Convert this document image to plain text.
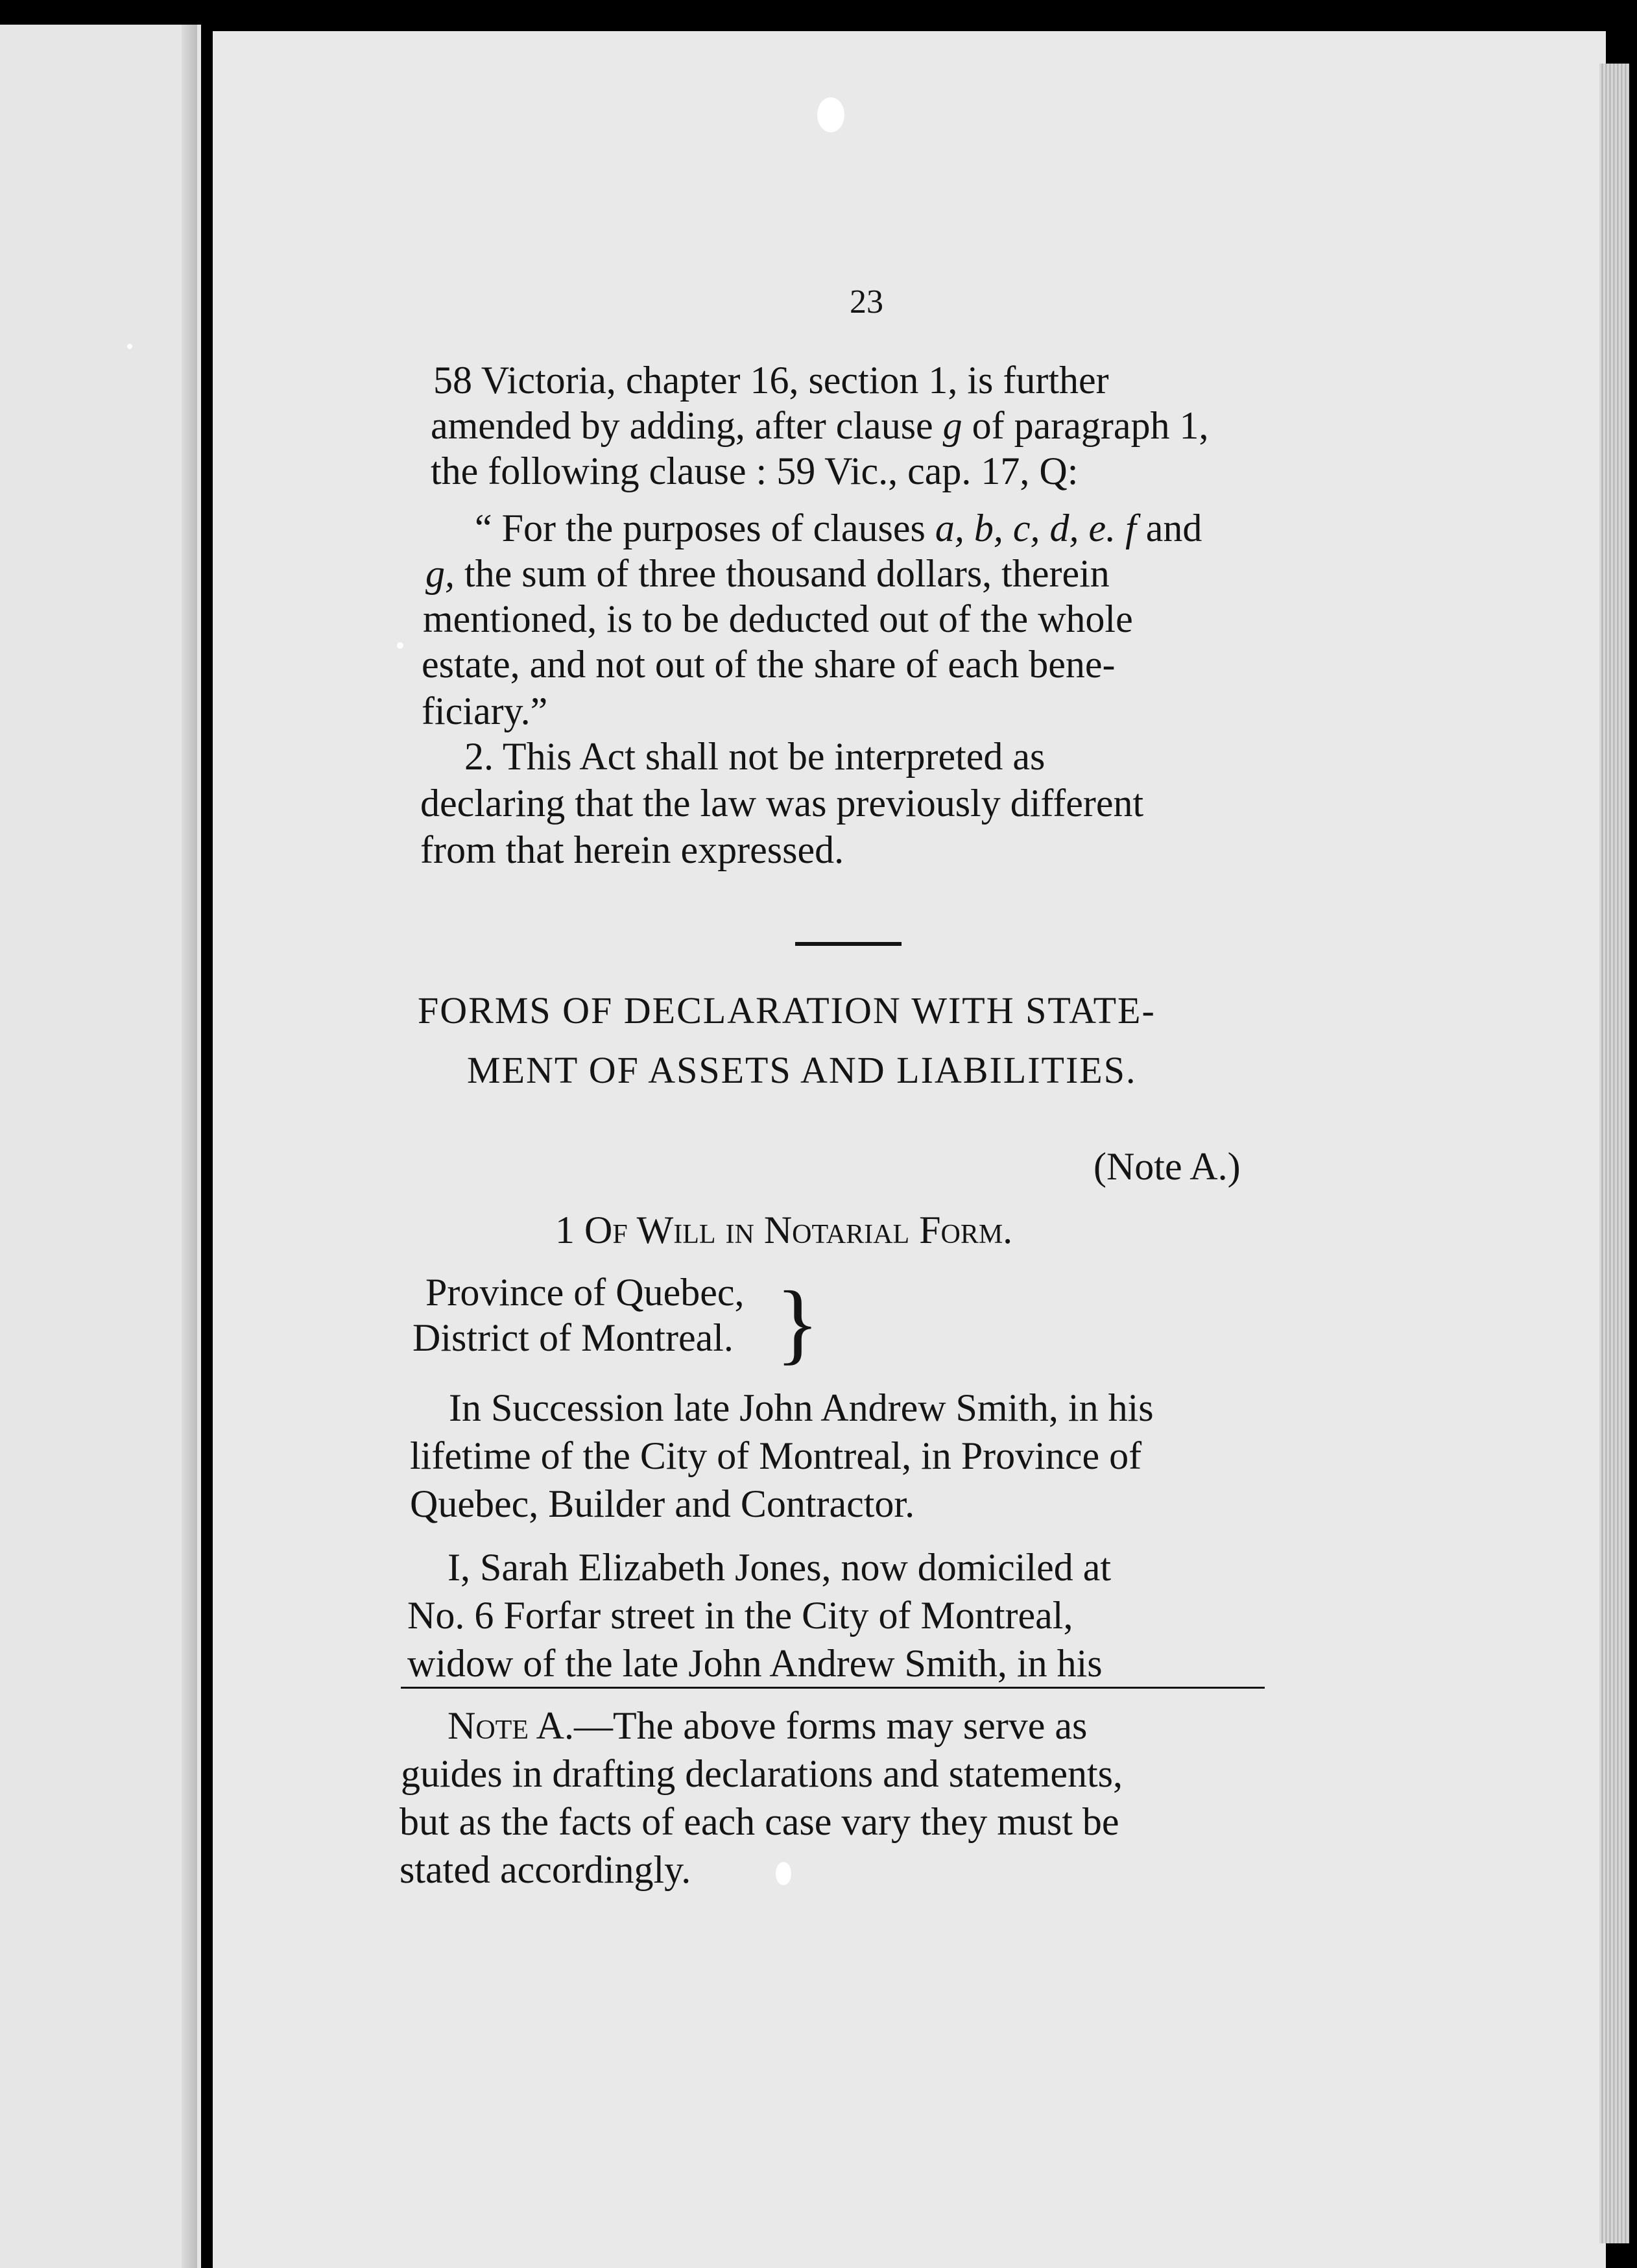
23
58 Victoria, chapter 16, section 1, is further
amended by adding, after clause g of paragraph 1,
the following clause : 59 Vic., cap. 17, Q:
“ For the purposes of clauses a, b, c, d, e. f and
g, the sum of three thousand dollars, therein
mentioned, is to be deducted out of the whole
estate, and not out of the share of each bene-
ficiary.”
2. This Act shall not be interpreted as
declaring that the law was previously different
from that herein expressed.
FORMS OF DECLARATION WITH STATE-
MENT OF ASSETS AND LIABILITIES.
(Note A.)
1 Of Will in Notarial Form.
Province of Quebec,
District of Montreal. }
In Succession late John Andrew Smith, in his
lifetime of the City of Montreal, in Province of
Quebec, Builder and Contractor.
I, Sarah Elizabeth Jones, now domiciled at
No. 6 Forfar street in the City of Montreal,
widow of the late John Andrew Smith, in his
Note A.—The above forms may serve as
guides in drafting declarations and statements,
but as the facts of each case vary they must be
stated accordingly.
